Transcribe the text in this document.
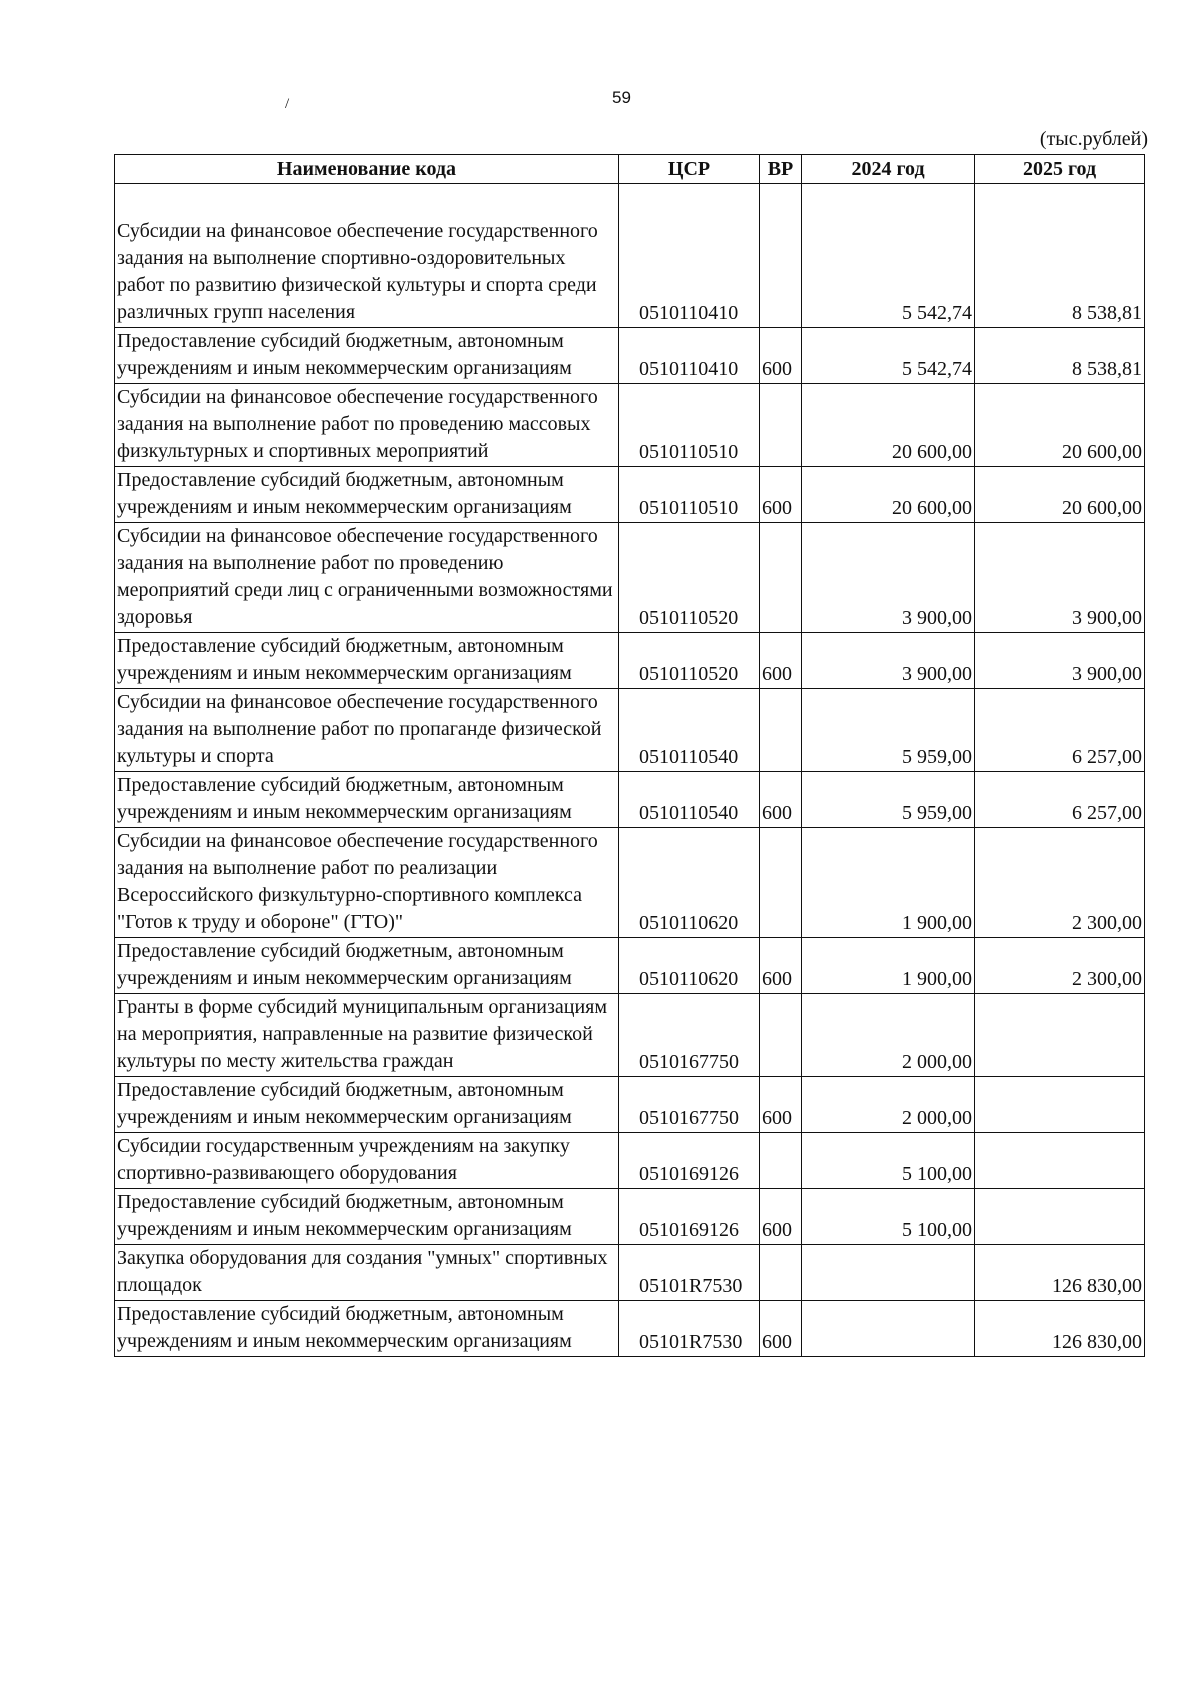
/	59
(тыс.рублей)
Наименование кода	ЦСР	ВР	2024 год	2025 год
Субсидии на финансовое обеспечение государственного задания на выполнение спортивно-оздоровительных работ по развитию физической культуры и спорта среди различных групп населения	0510110410		5 542,74	8 538,81
Предоставление субсидий бюджетным, автономным учреждениям и иным некоммерческим организациям	0510110410	600	5 542,74	8 538,81
Субсидии на финансовое обеспечение государственного задания на выполнение работ по проведению массовых физкультурных и спортивных мероприятий	0510110510		20 600,00	20 600,00
Предоставление субсидий бюджетным, автономным учреждениям и иным некоммерческим организациям	0510110510	600	20 600,00	20 600,00
Субсидии на финансовое обеспечение государственного задания на выполнение работ по проведению мероприятий среди лиц с ограниченными возможностями здоровья	0510110520		3 900,00	3 900,00
Предоставление субсидий бюджетным, автономным учреждениям и иным некоммерческим организациям	0510110520	600	3 900,00	3 900,00
Субсидии на финансовое обеспечение государственного задания на выполнение работ по пропаганде физической культуры и спорта	0510110540		5 959,00	6 257,00
Предоставление субсидий бюджетным, автономным учреждениям и иным некоммерческим организациям	0510110540	600	5 959,00	6 257,00
Субсидии на финансовое обеспечение государственного задания на выполнение работ по реализации Всероссийского физкультурно-спортивного комплекса "Готов к труду и обороне" (ГТО)"	0510110620		1 900,00	2 300,00
Предоставление субсидий бюджетным, автономным учреждениям и иным некоммерческим организациям	0510110620	600	1 900,00	2 300,00
Гранты в форме субсидий муниципальным организациям на мероприятия, направленные на развитие физической культуры по месту жительства граждан	0510167750		2 000,00	
Предоставление субсидий бюджетным, автономным учреждениям и иным некоммерческим организациям	0510167750	600	2 000,00	
Субсидии государственным учреждениям на закупку спортивно-развивающего оборудования	0510169126		5 100,00	
Предоставление субсидий бюджетным, автономным учреждениям и иным некоммерческим организациям	0510169126	600	5 100,00	
Закупка оборудования для создания "умных" спортивных площадок	05101R7530			126 830,00
Предоставление субсидий бюджетным, автономным учреждениям и иным некоммерческим организациям	05101R7530	600		126 830,00
